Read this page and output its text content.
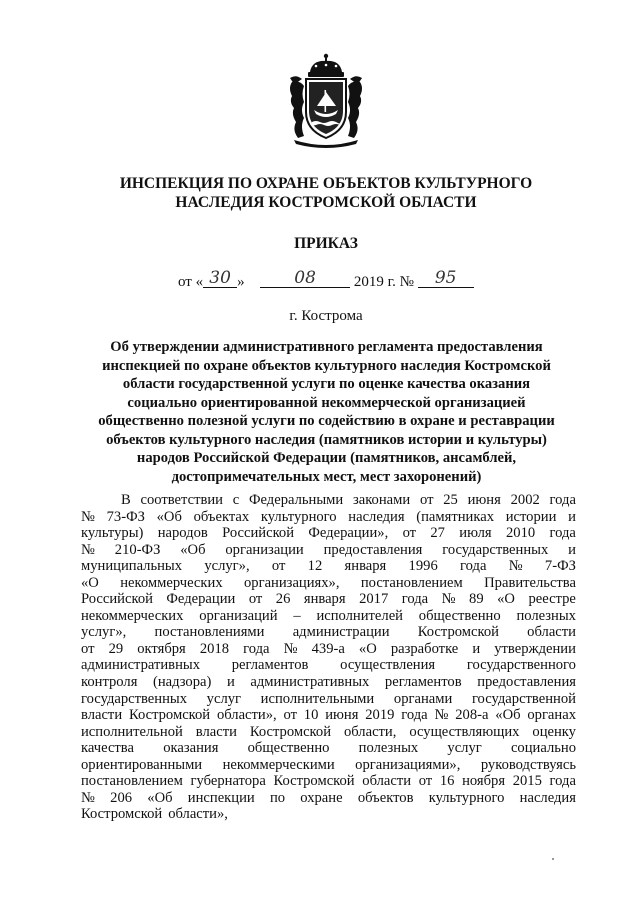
ИНСПЕКЦИЯ ПО ОХРАНЕ ОБЪЕКТОВ КУЛЬТУРНОГО
НАСЛЕДИЯ КОСТРОМСКОЙ ОБЛАСТИ
ПРИКАЗ
от « 30 »	08	2019 г. № 95
г. Кострома
Об утверждении административного регламента предоставления
инспекцией по охране объектов культурного наследия Костромской
области государственной услуги по оценке качества оказания
социально ориентированной некоммерческой организацией
общественно полезной услуги по содействию в охране и реставрации
объектов культурного наследия (памятников истории и культуры)
народов Российской Федерации (памятников, ансамблей,
достопримечательных мест, мест захоронений)
В соответствии с Федеральными законами от 25 июня 2002 года
№ 73-ФЗ «Об объектах культурного наследия (памятниках истории и
культуры) народов Российской Федерации», от 27 июля 2010 года
№ 210-ФЗ «Об организации предоставления государственных и
муниципальных услуг», от 12 января 1996 года № 7-ФЗ
«О некоммерческих организациях», постановлением Правительства
Российской Федерации от 26 января 2017 года № 89 «О реестре
некоммерческих организаций – исполнителей общественно полезных
услуг», постановлениями администрации Костромской области
от 29 октября 2018 года № 439-а «О разработке и утверждении
административных регламентов осуществления государственного
контроля (надзора) и административных регламентов предоставления
государственных услуг исполнительными органами государственной
власти Костромской области», от 10 июня 2019 года № 208-а «Об органах
исполнительной власти Костромской области, осуществляющих оценку
качества оказания общественно полезных услуг социально
ориентированными некоммерческими организациями», руководствуясь
постановлением губернатора Костромской области от 16 ноября 2015 года
№ 206 «Об инспекции по охране объектов культурного наследия
Костромской области»,
